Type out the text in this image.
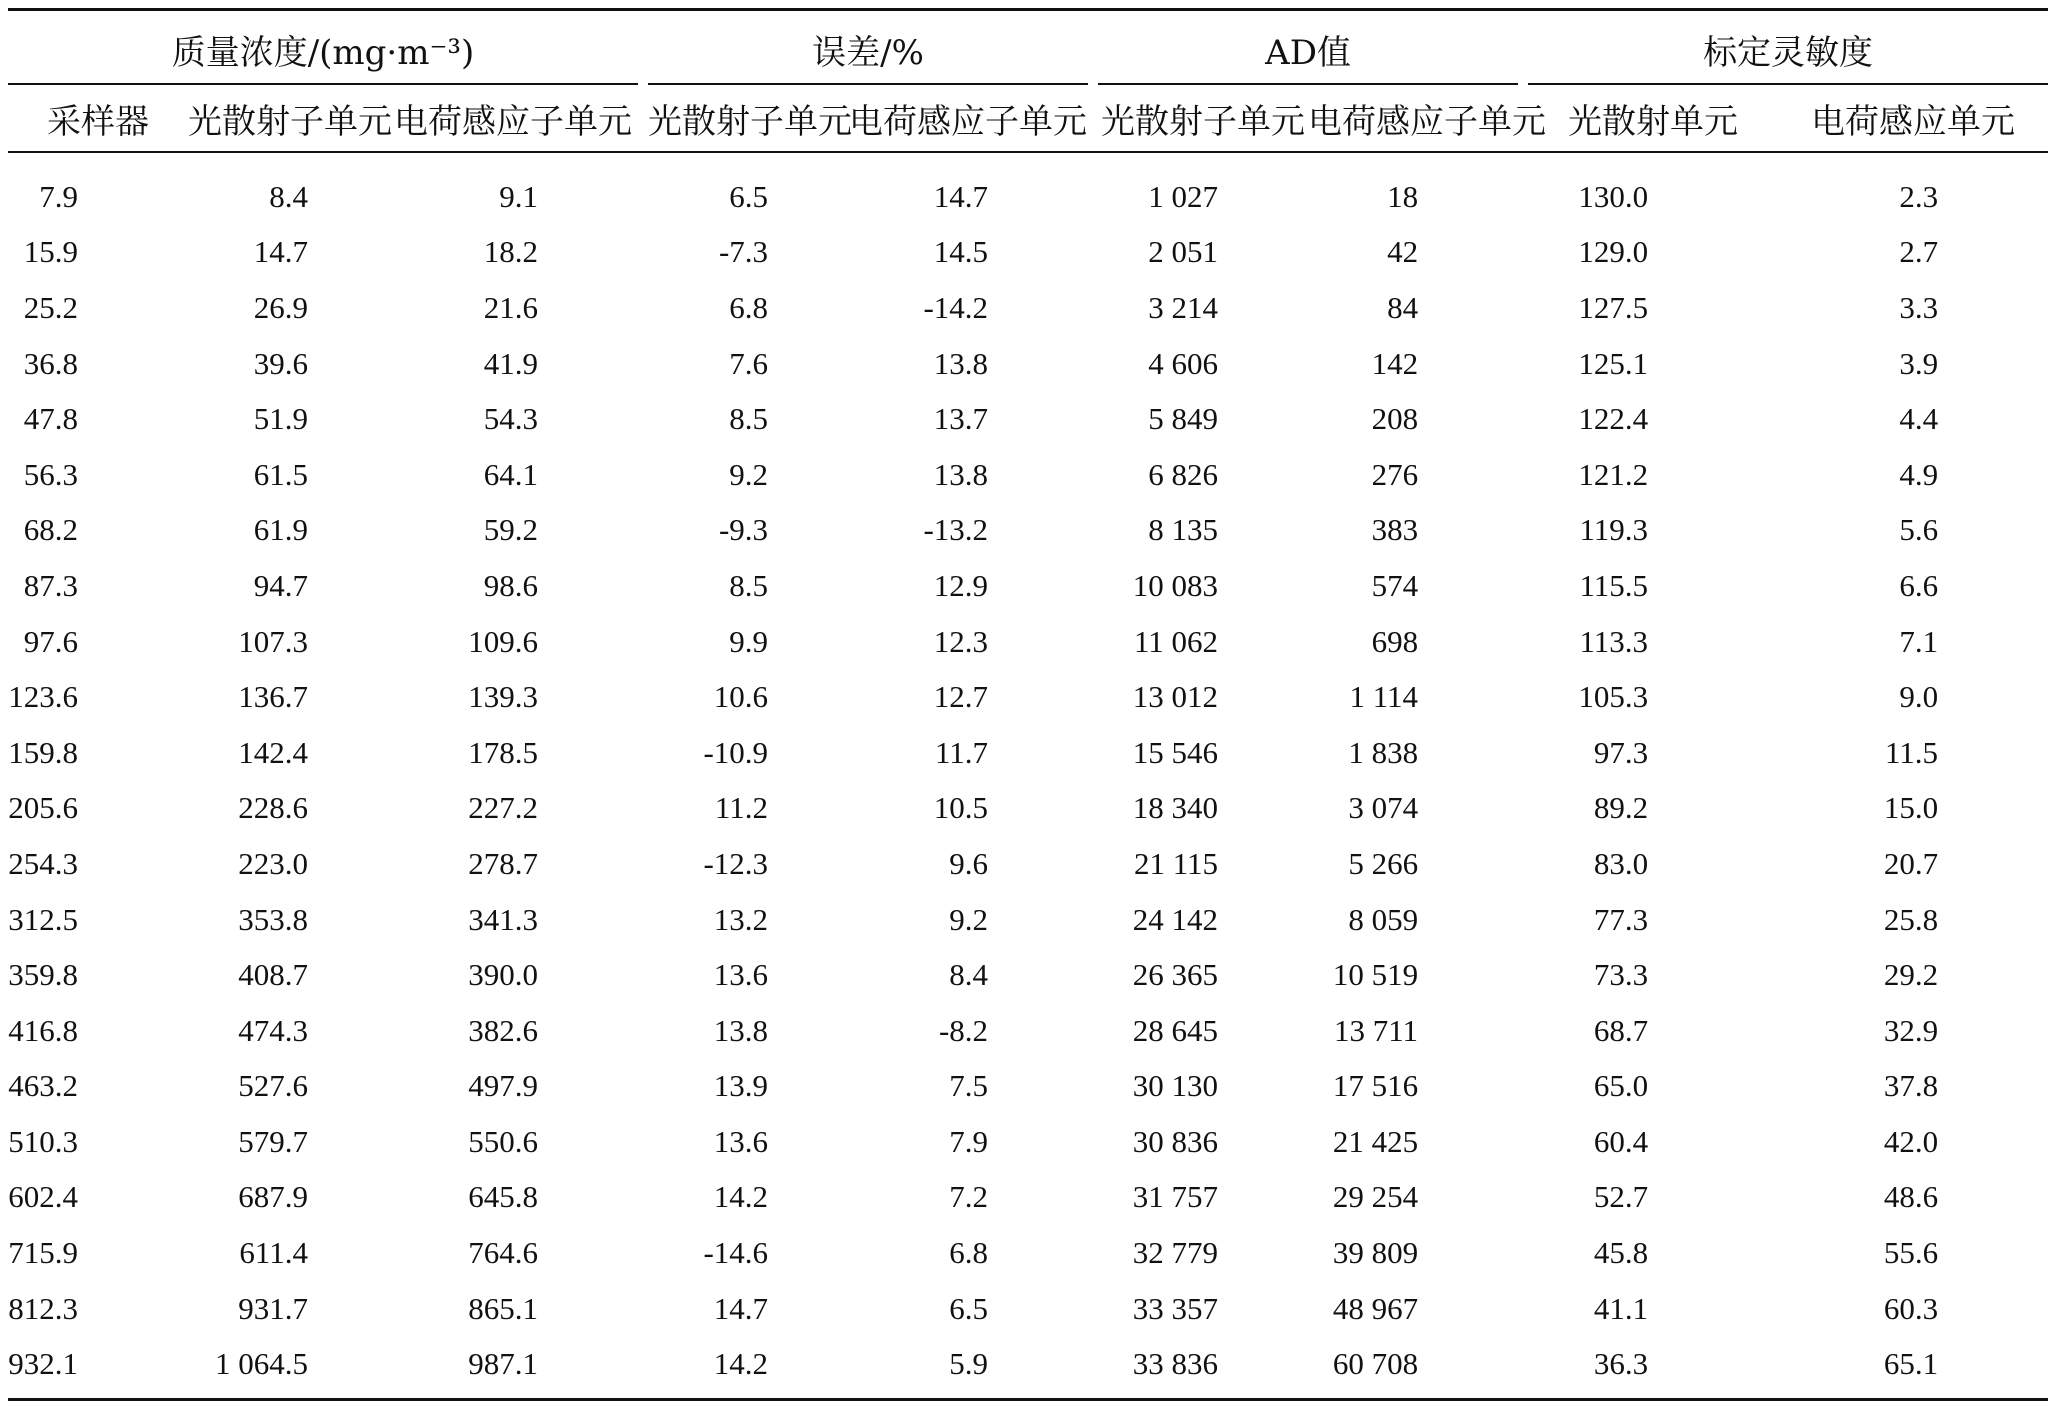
质量浓度/(mg·m⁻³)				误差/%			AD值			标定灵敏度	

采样器	光散射子单元	电荷感应子单元		光散射子单元	电荷感应子单元		光散射子单元	电荷感应子单元		光散射单元	电荷感应单元
7.9	8.4	9.1		6.5	14.7		1 027	18		130.0	2.3
15.9	14.7	18.2		-7.3	14.5		2 051	42		129.0	2.7
25.2	26.9	21.6		6.8	-14.2		3 214	84		127.5	3.3
36.8	39.6	41.9		7.6	13.8		4 606	142		125.1	3.9
47.8	51.9	54.3		8.5	13.7		5 849	208		122.4	4.4
56.3	61.5	64.1		9.2	13.8		6 826	276		121.2	4.9
68.2	61.9	59.2		-9.3	-13.2		8 135	383		119.3	5.6
87.3	94.7	98.6		8.5	12.9		10 083	574		115.5	6.6
97.6	107.3	109.6		9.9	12.3		11 062	698		113.3	7.1
123.6	136.7	139.3		10.6	12.7		13 012	1 114		105.3	9.0
159.8	142.4	178.5		-10.9	11.7		15 546	1 838		97.3	11.5
205.6	228.6	227.2		11.2	10.5		18 340	3 074		89.2	15.0
254.3	223.0	278.7		-12.3	9.6		21 115	5 266		83.0	20.7
312.5	353.8	341.3		13.2	9.2		24 142	8 059		77.3	25.8
359.8	408.7	390.0		13.6	8.4		26 365	10 519		73.3	29.2
416.8	474.3	382.6		13.8	-8.2		28 645	13 711		68.7	32.9
463.2	527.6	497.9		13.9	7.5		30 130	17 516		65.0	37.8
510.3	579.7	550.6		13.6	7.9		30 836	21 425		60.4	42.0
602.4	687.9	645.8		14.2	7.2		31 757	29 254		52.7	48.6
715.9	611.4	764.6		-14.6	6.8		32 779	39 809		45.8	55.6
812.3	931.7	865.1		14.7	6.5		33 357	48 967		41.1	60.3
932.1	1 064.5	987.1		14.2	5.9		33 836	60 708		36.3	65.1
